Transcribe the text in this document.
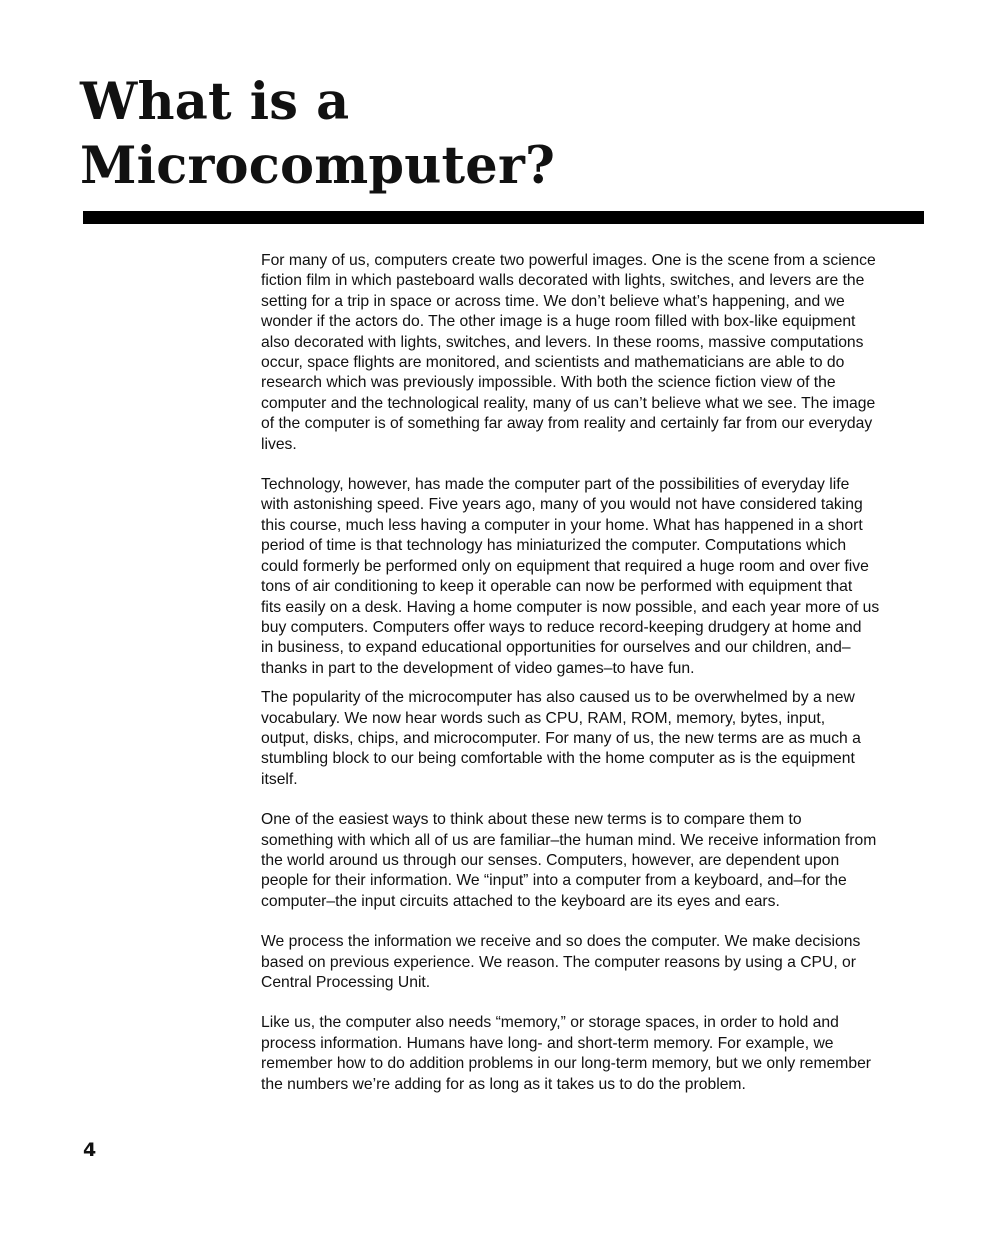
What is a
Microcomputer?

For many of us, computers create two powerful images. One is the scene from a science
fiction film in which pasteboard walls decorated with lights, switches, and levers are the
setting for a trip in space or across time. We don’t believe what’s happening, and we
wonder if the actors do. The other image is a huge room filled with box-like equipment
also decorated with lights, switches, and levers. In these rooms, massive computations
occur, space flights are monitored, and scientists and mathematicians are able to do
research which was previously impossible. With both the science fiction view of the
computer and the technological reality, many of us can’t believe what we see. The image
of the computer is of something far away from reality and certainly far from our everyday
lives.

Technology, however, has made the computer part of the possibilities of everyday life
with astonishing speed. Five years ago, many of you would not have considered taking
this course, much less having a computer in your home. What has happened in a short
period of time is that technology has miniaturized the computer. Computations which
could formerly be performed only on equipment that required a huge room and over five
tons of air conditioning to keep it operable can now be performed with equipment that
fits easily on a desk. Having a home computer is now possible, and each year more of us
buy computers. Computers offer ways to reduce record-keeping drudgery at home and
in business, to expand educational opportunities for ourselves and our children, and–
thanks in part to the development of video games–to have fun.

The popularity of the microcomputer has also caused us to be overwhelmed by a new
vocabulary. We now hear words such as CPU, RAM, ROM, memory, bytes, input,
output, disks, chips, and microcomputer. For many of us, the new terms are as much a
stumbling block to our being comfortable with the home computer as is the equipment
itself.

One of the easiest ways to think about these new terms is to compare them to
something with which all of us are familiar–the human mind. We receive information from
the world around us through our senses. Computers, however, are dependent upon
people for their information. We “input” into a computer from a keyboard, and–for the
computer–the input circuits attached to the keyboard are its eyes and ears.

We process the information we receive and so does the computer. We make decisions
based on previous experience. We reason. The computer reasons by using a CPU, or
Central Processing Unit.

Like us, the computer also needs “memory,” or storage spaces, in order to hold and
process information. Humans have long- and short-term memory. For example, we
remember how to do addition problems in our long-term memory, but we only remember
the numbers we’re adding for as long as it takes us to do the problem.

4
